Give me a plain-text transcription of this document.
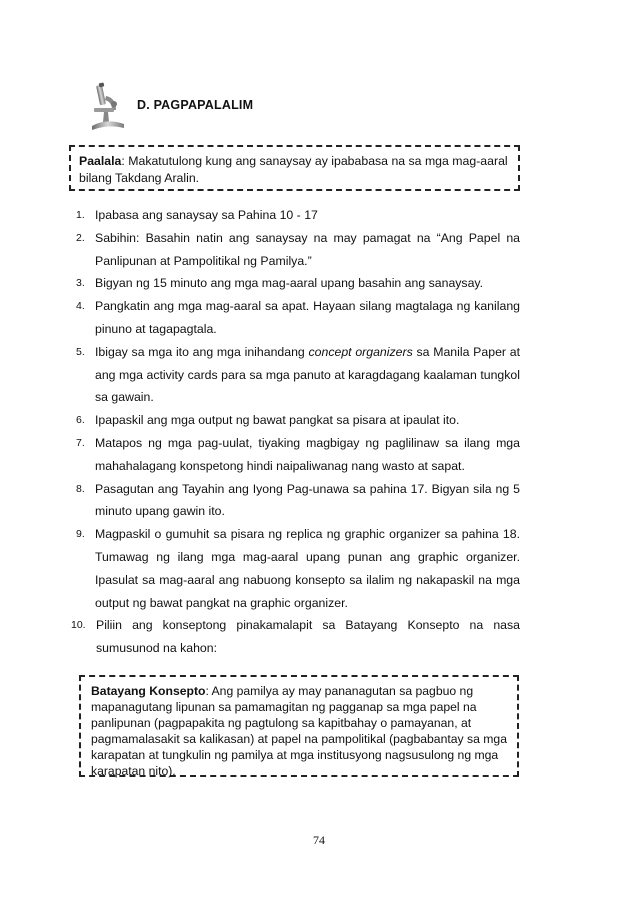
D. PAGPAPALALIM
Paalala: Makatutulong kung ang sanaysay ay ipababasa na sa mga mag-aaral bilang Takdang Aralin.
1. Ipabasa ang sanaysay sa Pahina 10 - 17
2. Sabihin: Basahin natin ang sanaysay na may pamagat na “Ang Papel na Panlipunan at Pampolitikal ng Pamilya.”
3. Bigyan ng 15 minuto ang mga mag-aaral upang basahin ang sanaysay.
4. Pangkatin ang mga mag-aaral sa apat. Hayaan silang magtalaga ng kanilang pinuno at tagapagtala.
5. Ibigay sa mga ito ang mga inihandang concept organizers sa Manila Paper at ang mga activity cards para sa mga panuto at karagdagang kaalaman tungkol sa gawain.
6. Ipapaskil ang mga output ng bawat pangkat sa pisara at ipaulat ito.
7. Matapos ng mga pag-uulat, tiyaking magbigay ng paglilinaw sa ilang mga mahahalagang konspetong hindi naipaliwanag nang wasto at sapat.
8. Pasagutan ang Tayahin ang Iyong Pag-unawa sa pahina 17. Bigyan sila ng 5 minuto upang gawin ito.
9. Magpaskil o gumuhit sa pisara ng replica ng graphic organizer sa pahina 18. Tumawag ng ilang mga mag-aaral upang punan ang graphic organizer. Ipasulat sa mag-aaral ang nabuong konsepto sa ilalim ng nakapaskil na mga output ng bawat pangkat na graphic organizer.
10. Piliin ang konseptong pinakamalapit sa Batayang Konsepto na nasa sumusunod na kahon:
Batayang Konsepto: Ang pamilya ay may pananagutan sa pagbuo ng mapanagutang lipunan sa pamamagitan ng pagganap sa mga papel na panlipunan (pagpapakita ng pagtulong sa kapitbahay o pamayanan, at pagmamalasakit sa kalikasan) at papel na pampolitikal (pagbabantay sa mga karapatan at tungkulin ng pamilya at mga institusyong nagsusulong ng mga karapatan nito).
74
